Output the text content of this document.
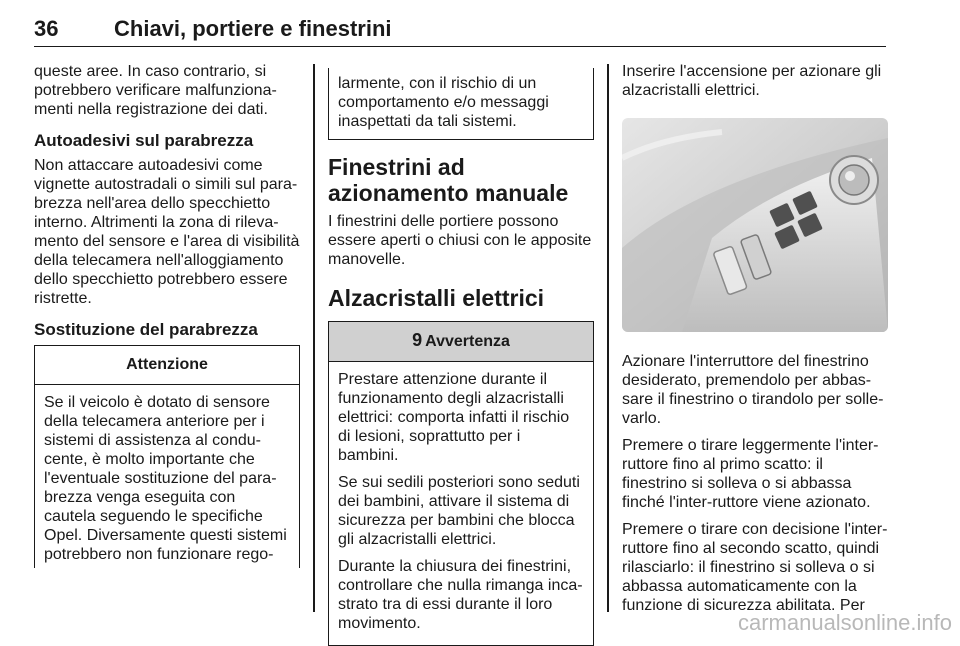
36	Chiavi, portiere e finestrini

queste aree. In caso contrario, si potrebbero verificare malfunziona-menti nella registrazione dei dati.

Autoadesivi sul parabrezza

Non attaccare autoadesivi come vignette autostradali o simili sul para-brezza nell'area dello specchietto interno. Altrimenti la zona di rileva-mento del sensore e l'area di visibilità della telecamera nell'alloggiamento dello specchietto potrebbero essere ristrette.

Sostituzione del parabrezza
Attenzione
Se il veicolo è dotato di sensore della telecamera anteriore per i sistemi di assistenza al condu-cente, è molto importante che l'eventuale sostituzione del para-brezza venga eseguita con cautela seguendo le specifiche Opel. Diversamente questi sistemi potrebbero non funzionare rego-
larmente, con il rischio di un comportamento e/o messaggi inaspettati da tali sistemi.
Finestrini ad azionamento manuale

I finestrini delle portiere possono essere aperti o chiusi con le apposite manovelle.

Alzacristalli elettrici
9 Avvertenza

Prestare attenzione durante il funzionamento degli alzacristalli elettrici: comporta infatti il rischio di lesioni, soprattutto per i bambini.

Se sui sedili posteriori sono seduti dei bambini, attivare il sistema di sicurezza per bambini che blocca gli alzacristalli elettrici.

Durante la chiusura dei finestrini, controllare che nulla rimanga inca-strato tra di essi durante il loro movimento.

Inserire l'accensione per azionare gli alzacristalli elettrici.

Azionare l'interruttore del finestrino desiderato, premendolo per abbas-sare il finestrino o tirandolo per solle-varlo.

Premere o tirare leggermente l'inter-ruttore fino al primo scatto: il finestrino si solleva o si abbassa finché l'inter-ruttore viene azionato.

Premere o tirare con decisione l'inter-ruttore fino al secondo scatto, quindi rilasciarlo: il finestrino si solleva o si abbassa automaticamente con la funzione di sicurezza abilitata. Per

carmanualsonline.info
